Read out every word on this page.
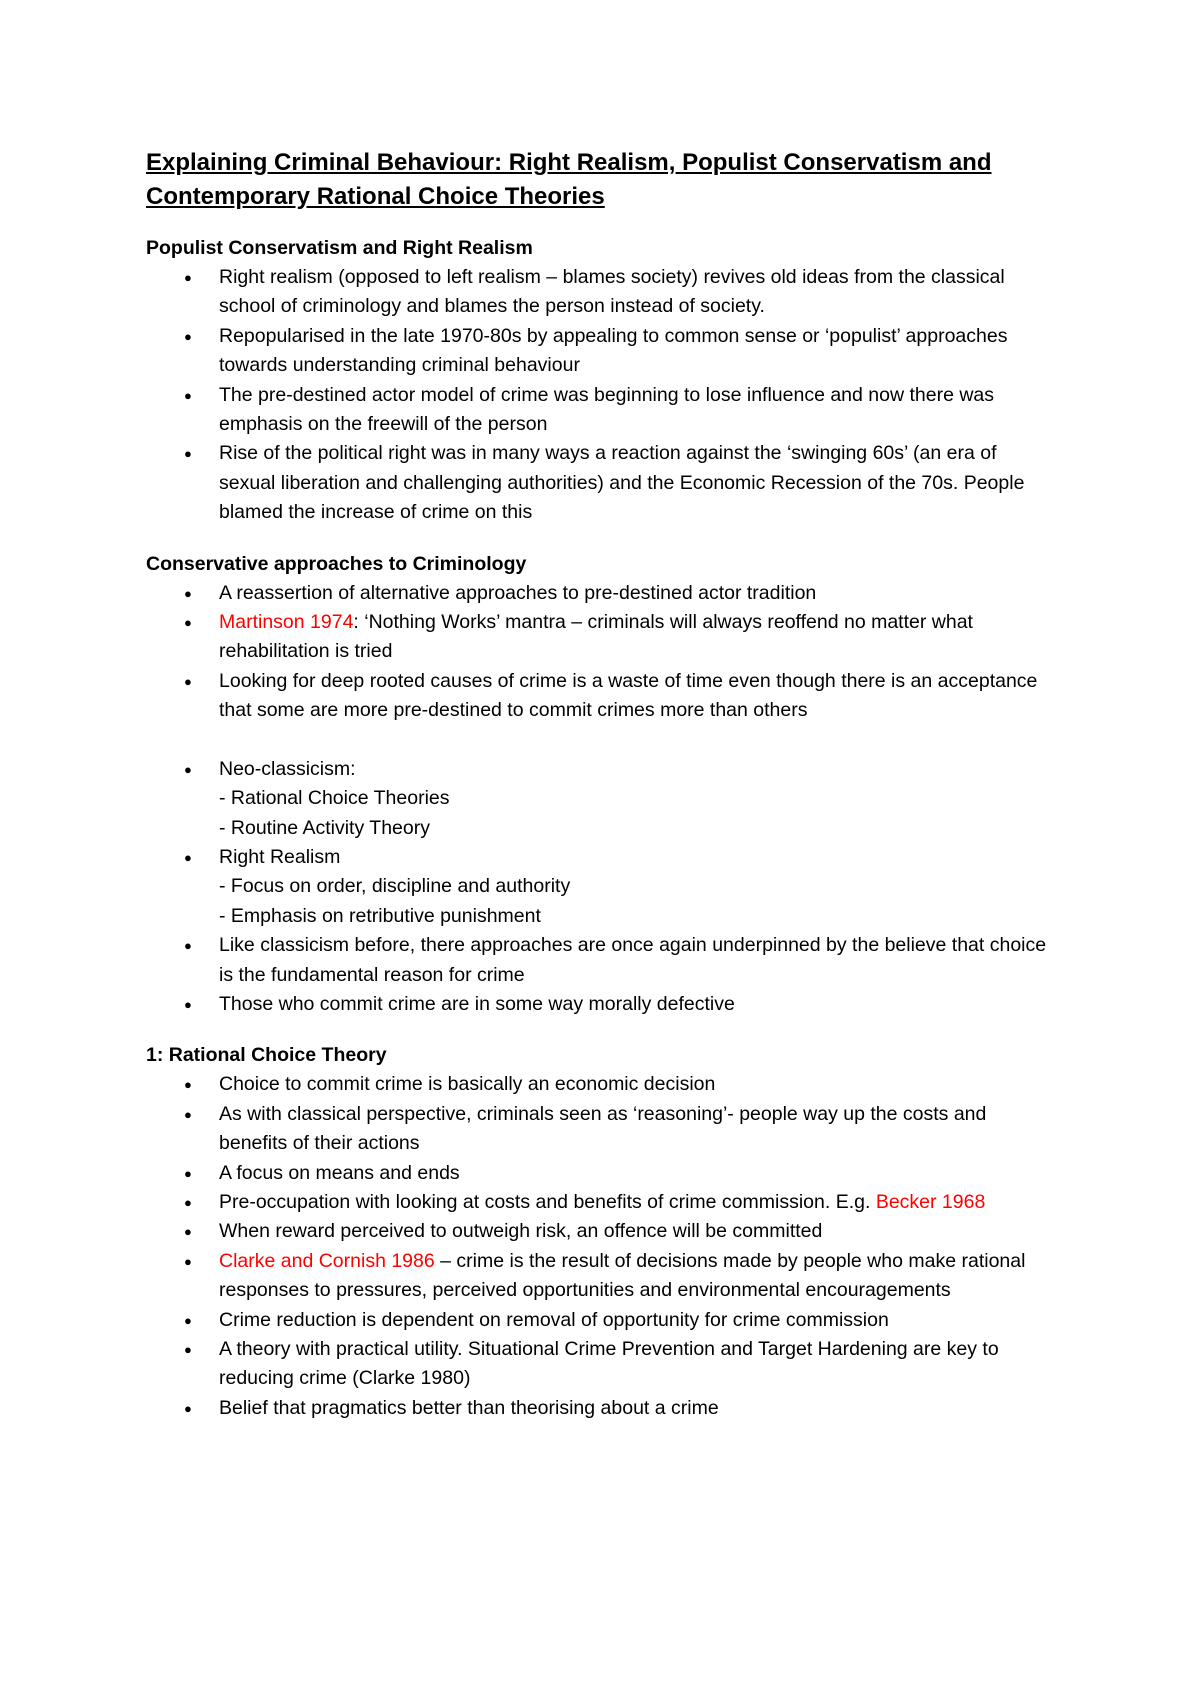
Explaining Criminal Behaviour: Right Realism, Populist Conservatism and
Contemporary Rational Choice Theories
Populist Conservatism and Right Realism
● Right realism (opposed to left realism – blames society) revives old ideas from the classical school of criminology and blames the person instead of society.
● Repopularised in the late 1970-80s by appealing to common sense or ‘populist’ approaches towards understanding criminal behaviour
● The pre-destined actor model of crime was beginning to lose influence and now there was emphasis on the freewill of the person
● Rise of the political right was in many ways a reaction against the ‘swinging 60s’ (an era of sexual liberation and challenging authorities) and the Economic Recession of the 70s. People blamed the increase of crime on this
Conservative approaches to Criminology
● A reassertion of alternative approaches to pre-destined actor tradition
● Martinson 1974: ‘Nothing Works’ mantra – criminals will always reoffend no matter what rehabilitation is tried
● Looking for deep rooted causes of crime is a waste of time even though there is an acceptance that some are more pre-destined to commit crimes more than others
● Neo-classicism:
- Rational Choice Theories
- Routine Activity Theory
● Right Realism
- Focus on order, discipline and authority
- Emphasis on retributive punishment
● Like classicism before, there approaches are once again underpinned by the believe that choice is the fundamental reason for crime
● Those who commit crime are in some way morally defective
1: Rational Choice Theory
● Choice to commit crime is basically an economic decision
● As with classical perspective, criminals seen as ‘reasoning’- people way up the costs and benefits of their actions
● A focus on means and ends
● Pre-occupation with looking at costs and benefits of crime commission. E.g. Becker 1968
● When reward perceived to outweigh risk, an offence will be committed
● Clarke and Cornish 1986 – crime is the result of decisions made by people who make rational responses to pressures, perceived opportunities and environmental encouragements
● Crime reduction is dependent on removal of opportunity for crime commission
● A theory with practical utility. Situational Crime Prevention and Target Hardening are key to reducing crime (Clarke 1980)
● Belief that pragmatics better than theorising about a crime
